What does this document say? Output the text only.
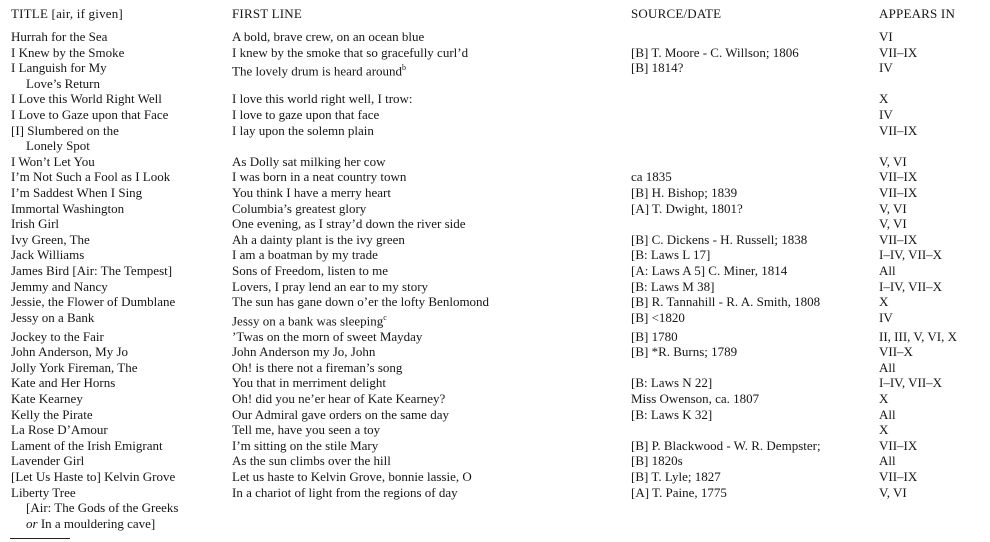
TITLE [air, if given]	FIRST LINE	SOURCE/DATE	APPEARS IN
Hurrah for the Sea	A bold, brave crew, on an ocean blue		VI
I Knew by the Smoke	I knew by the smoke that so gracefully curl’d	[B] T. Moore - C. Willson; 1806	VII–IX
I Languish for My
Love’s Return	The lovely drum is heard around$^b$	[B] 1814?	IV
I Love this World Right Well	I love this world right well, I trow:		X
I Love to Gaze upon that Face	I love to gaze upon that face		IV
[I] Slumbered on the
Lonely Spot	I lay upon the solemn plain		VII–IX
I Won’t Let You	As Dolly sat milking her cow		V, VI
I’m Not Such a Fool as I Look	I was born in a neat country town	ca 1835	VII–IX
I’m Saddest When I Sing	You think I have a merry heart	[B] H. Bishop; 1839	VII–IX
Immortal Washington	Columbia’s greatest glory	[A] T. Dwight, 1801?	V, VI
Irish Girl	One evening, as I stray’d down the river side		V, VI
Ivy Green, The	Ah a dainty plant is the ivy green	[B] C. Dickens - H. Russell; 1838	VII–IX
Jack Williams	I am a boatman by my trade	[B: Laws L 17]	I–IV, VII–X
James Bird [Air: The Tempest]	Sons of Freedom, listen to me	[A: Laws A 5] C. Miner, 1814	All
Jemmy and Nancy	Lovers, I pray lend an ear to my story	[B: Laws M 38]	I–IV, VII–X
Jessie, the Flower of Dumblane	The sun has gane down o’er the lofty Benlomond	[B] R. Tannahill - R. A. Smith, 1808	X
Jessy on a Bank	Jessy on a bank was sleeping$^c$	[B] <1820	IV
Jockey to the Fair	’Twas on the morn of sweet Mayday	[B] 1780	II, III, V, VI, X
John Anderson, My Jo	John Anderson my Jo, John	[B] *R. Burns; 1789	VII–X
Jolly York Fireman, The	Oh! is there not a fireman’s song		All
Kate and Her Horns	You that in merriment delight	[B: Laws N 22]	I–IV, VII–X
Kate Kearney	Oh! did you ne’er hear of Kate Kearney?	Miss Owenson, ca. 1807	X
Kelly the Pirate	Our Admiral gave orders on the same day	[B: Laws K 32]	All
La Rose D’Amour	Tell me, have you seen a toy		X
Lament of the Irish Emigrant	I’m sitting on the stile Mary	[B] P. Blackwood - W. R. Dempster;	VII–IX
Lavender Girl	As the sun climbs over the hill	[B] 1820s	All
[Let Us Haste to] Kelvin Grove	Let us haste to Kelvin Grove, bonnie lassie, O	[B] T. Lyle; 1827	VII–IX
Liberty Tree
[Air: The Gods of the Greeks
or In a mouldering cave]	In a chariot of light from the regions of day	[A] T. Paine, 1775	V, VI
